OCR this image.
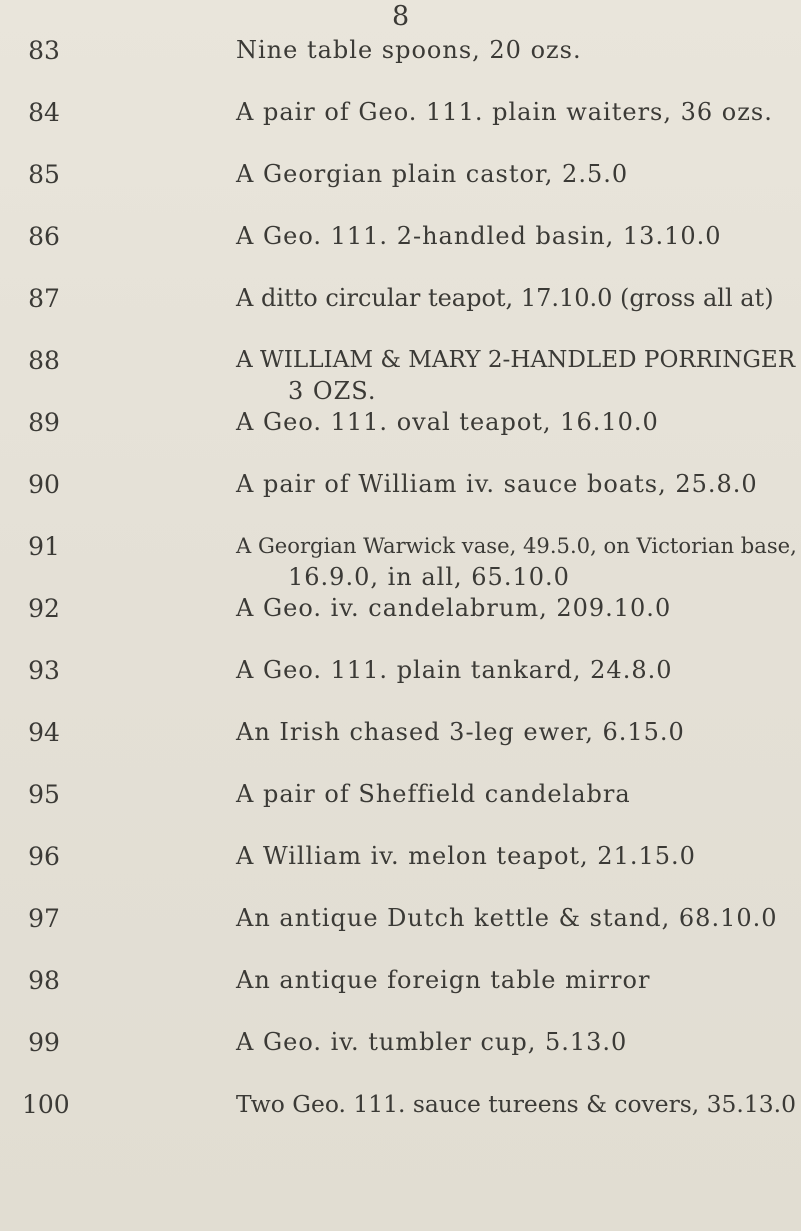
8
83	Nine table spoons, 20 ozs.
84	A pair of Geo. 111. plain waiters, 36 ozs.
85	A Georgian plain castor, 2.5.0
86	A Geo. 111. 2-handled basin, 13.10.0
87	A ditto circular teapot, 17.10.0 (gross all at)
88	A WILLIAM & MARY 2-HANDLED PORRINGER
3 OZS.
89	A Geo. 111. oval teapot, 16.10.0
90	A pair of William iv. sauce boats, 25.8.0
91	A Georgian Warwick vase, 49.5.0, on Victorian base,
16.9.0, in all, 65.10.0
92	A Geo. iv. candelabrum, 209.10.0
93	A Geo. 111. plain tankard, 24.8.0
94	An Irish chased 3-leg ewer, 6.15.0
95	A pair of Sheffield candelabra
96	A William iv. melon teapot, 21.15.0
97	An antique Dutch kettle & stand, 68.10.0
98	An antique foreign table mirror
99	A Geo. iv. tumbler cup, 5.13.0
100	Two Geo. 111. sauce tureens & covers, 35.13.0
